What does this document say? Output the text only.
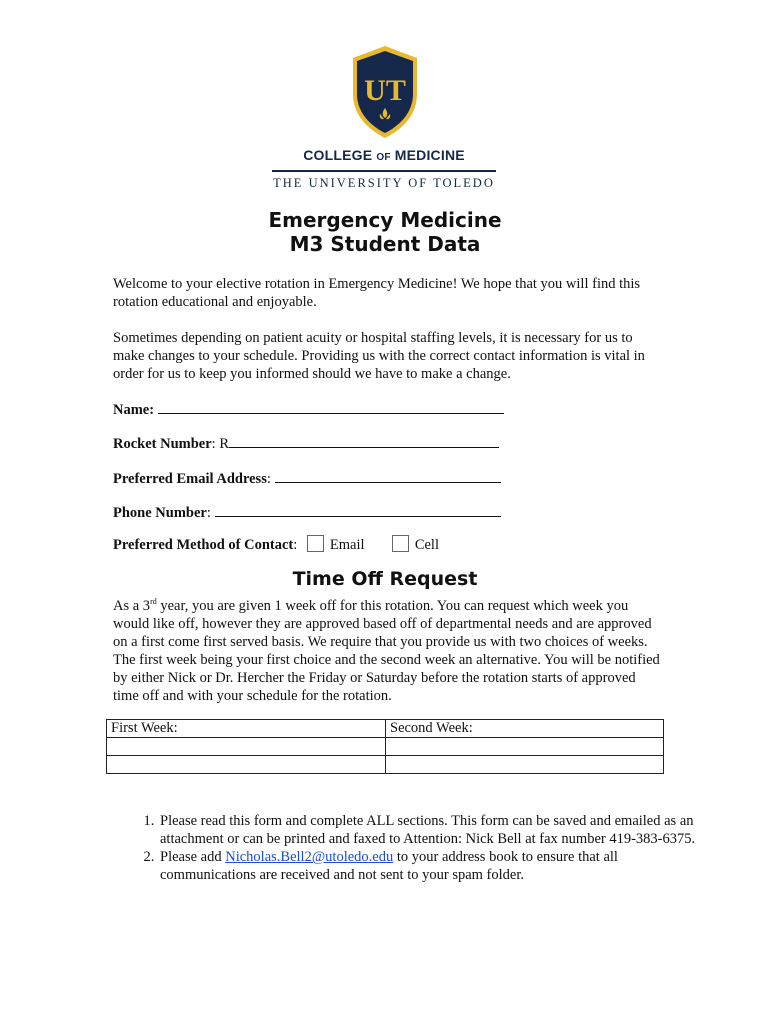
UT
COLLEGE OF MEDICINE
THE UNIVERSITY OF TOLEDO
Emergency Medicine
M3 Student Data

Welcome to your elective rotation in Emergency Medicine! We hope that you will find this rotation educational and enjoyable.

Sometimes depending on patient acuity or hospital staffing levels, it is necessary for us to make changes to your schedule. Providing us with the correct contact information is vital in order for us to keep you informed should we have to make a change.

Name:
Rocket Number: R
Preferred Email Address:
Phone Number:
Preferred Method of Contact: Email	Cell
Time Off Request

As a 3rd year, you are given 1 week off for this rotation. You can request which week you would like off, however they are approved based off of departmental needs and are approved on a first come first served basis. We require that you provide us with two choices of weeks. The first week being your first choice and the second week an alternative. You will be notified by either Nick or Dr. Hercher the Friday or Saturday before the rotation starts of approved time off and with your schedule for the rotation.

First Week:	Second Week:

1. Please read this form and complete ALL sections. This form can be saved and emailed as an attachment or can be printed and faxed to Attention: Nick Bell at fax number 419-383-6375.
2. Please add Nicholas.Bell2@utoledo.edu to your address book to ensure that all communications are received and not sent to your spam folder.
